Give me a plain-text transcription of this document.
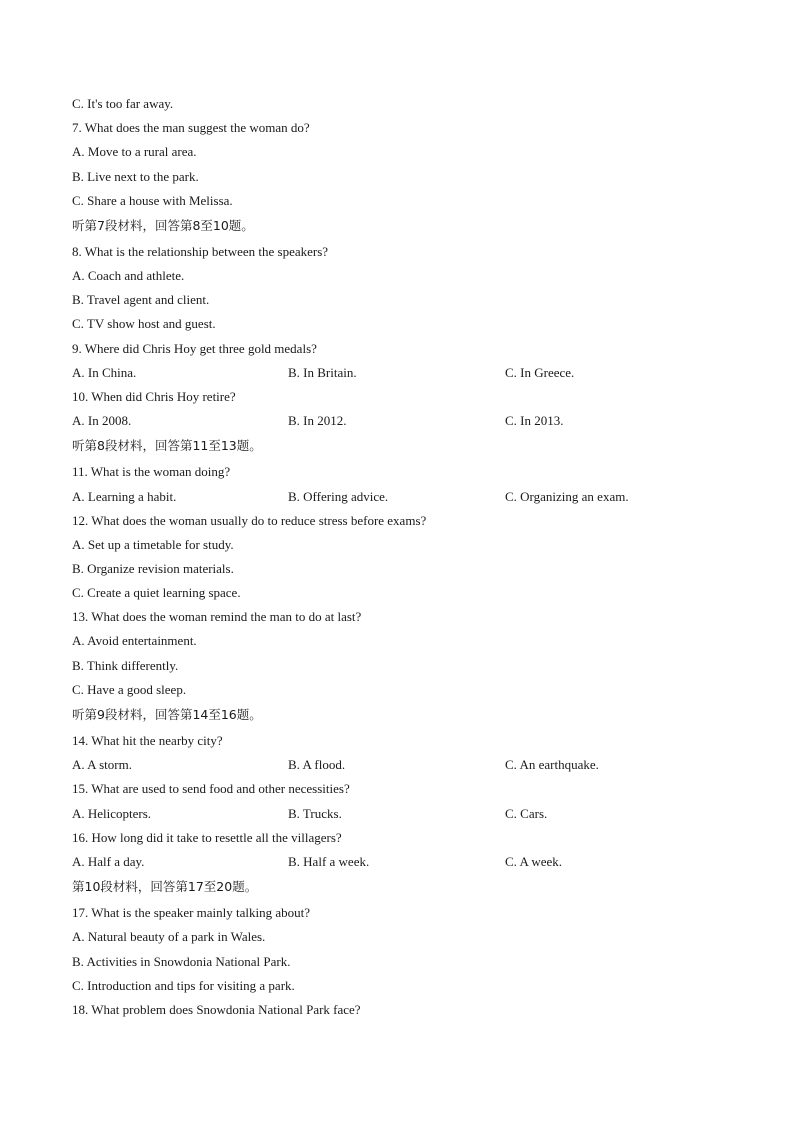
C. It's too far away.
7. What does the man suggest the woman do?
A. Move to a rural area.
B. Live next to the park.
C. Share a house with Melissa.
听第7段材料，回答第8至10题。
8. What is the relationship between the speakers?
A. Coach and athlete.
B. Travel agent and client.
C. TV show host and guest.
9. Where did Chris Hoy get three gold medals?
A. In China.	B. In Britain.	C. In Greece.
10. When did Chris Hoy retire?
A. In 2008.	B. In 2012.	C. In 2013.
听第8段材料，回答第11至13题。
11. What is the woman doing?
A. Learning a habit.	B. Offering advice.	C. Organizing an exam.
12. What does the woman usually do to reduce stress before exams?
A. Set up a timetable for study.
B. Organize revision materials.
C. Create a quiet learning space.
13. What does the woman remind the man to do at last?
A. Avoid entertainment.
B. Think differently.
C. Have a good sleep.
听第9段材料，回答第14至16题。
14. What hit the nearby city?
A. A storm.	B. A flood.	C. An earthquake.
15. What are used to send food and other necessities?
A. Helicopters.	B. Trucks.	C. Cars.
16. How long did it take to resettle all the villagers?
A. Half a day.	B. Half a week.	C. A week.
第10段材料，回答第17至20题。
17. What is the speaker mainly talking about?
A. Natural beauty of a park in Wales.
B. Activities in Snowdonia National Park.
C. Introduction and tips for visiting a park.
18. What problem does Snowdonia National Park face?
